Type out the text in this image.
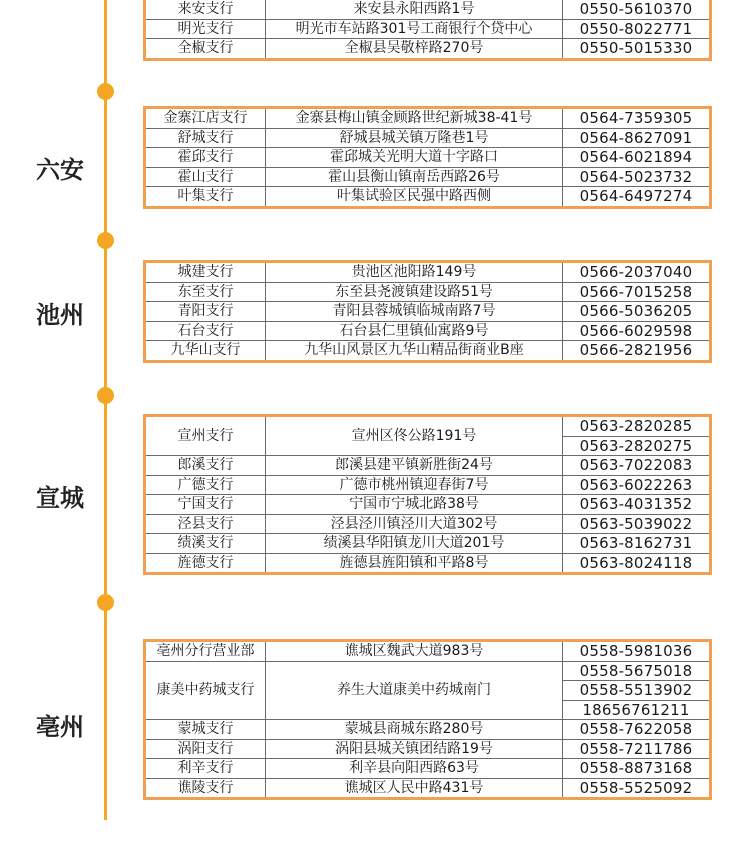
来安支行	来安县永阳西路1号	0550-5610370
明光支行	明光市车站路301号工商银行个贷中心	0550-8022771
全椒支行	全椒县吴敬梓路270号	0550-5015330
六安
金寨江店支行	金寨县梅山镇金顾路世纪新城38-41号	0564-7359305
舒城支行	舒城县城关镇万隆巷1号	0564-8627091
霍邱支行	霍邱城关光明大道十字路口	0564-6021894
霍山支行	霍山县衡山镇南岳西路26号	0564-5023732
叶集支行	叶集试验区民强中路西侧	0564-6497274
池州
城建支行	贵池区池阳路149号	0566-2037040
东至支行	东至县尧渡镇建设路51号	0566-7015258
青阳支行	青阳县蓉城镇临城南路7号	0566-5036205
石台支行	石台县仁里镇仙寓路9号	0566-6029598
九华山支行	九华山风景区九华山精品街商业B座	0566-2821956
宣城
宣州支行	宣州区佟公路191号	0563-2820285
		0563-2820275
郎溪支行	郎溪县建平镇新胜街24号	0563-7022083
广德支行	广德市桃州镇迎春街7号	0563-6022263
宁国支行	宁国市宁城北路38号	0563-4031352
泾县支行	泾县泾川镇泾川大道302号	0563-5039022
绩溪支行	绩溪县华阳镇龙川大道201号	0563-8162731
旌德支行	旌德县旌阳镇和平路8号	0563-8024118
亳州
亳州分行营业部	谯城区魏武大道983号	0558-5981036
康美中药城支行	养生大道康美中药城南门	0558-5675018
		0558-5513902
		18656761211
蒙城支行	蒙城县商城东路280号	0558-7622058
涡阳支行	涡阳县城关镇团结路19号	0558-7211786
利辛支行	利辛县向阳西路63号	0558-8873168
谯陵支行	谯城区人民中路431号	0558-5525092
